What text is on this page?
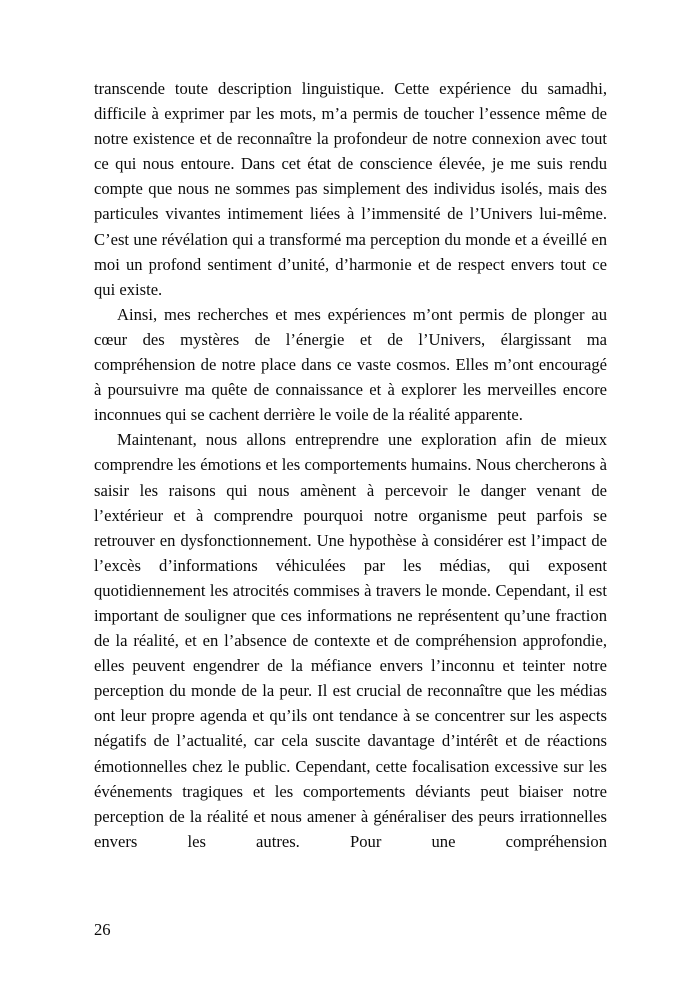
transcende toute description linguistique. Cette expérience du samadhi, difficile à exprimer par les mots, m’a permis de toucher l’essence même de notre existence et de reconnaître la profondeur de notre connexion avec tout ce qui nous entoure. Dans cet état de conscience élevée, je me suis rendu compte que nous ne sommes pas simplement des individus isolés, mais des particules vivantes intimement liées à l’immensité de l’Univers lui-même. C’est une révélation qui a transformé ma perception du monde et a éveillé en moi un profond sentiment d’unité, d’harmonie et de respect envers tout ce qui existe.

Ainsi, mes recherches et mes expériences m’ont permis de plonger au cœur des mystères de l’énergie et de l’Univers, élargissant ma compréhension de notre place dans ce vaste cosmos. Elles m’ont encouragé à poursuivre ma quête de connaissance et à explorer les merveilles encore inconnues qui se cachent derrière le voile de la réalité apparente.

Maintenant, nous allons entreprendre une exploration afin de mieux comprendre les émotions et les comportements humains. Nous chercherons à saisir les raisons qui nous amènent à percevoir le danger venant de l’extérieur et à comprendre pourquoi notre organisme peut parfois se retrouver en dysfonctionnement. Une hypothèse à considérer est l’impact de l’excès d’informations véhiculées par les médias, qui exposent quotidiennement les atrocités commises à travers le monde. Cependant, il est important de souligner que ces informations ne représentent qu’une fraction de la réalité, et en l’absence de contexte et de compréhension approfondie, elles peuvent engendrer de la méfiance envers l’inconnu et teinter notre perception du monde de la peur. Il est crucial de reconnaître que les médias ont leur propre agenda et qu’ils ont tendance à se concentrer sur les aspects négatifs de l’actualité, car cela suscite davantage d’intérêt et de réactions émotionnelles chez le public. Cependant, cette focalisation excessive sur les événements tragiques et les comportements déviants peut biaiser notre perception de la réalité et nous amener à généraliser des peurs irrationnelles envers les autres. Pour une compréhension

26
